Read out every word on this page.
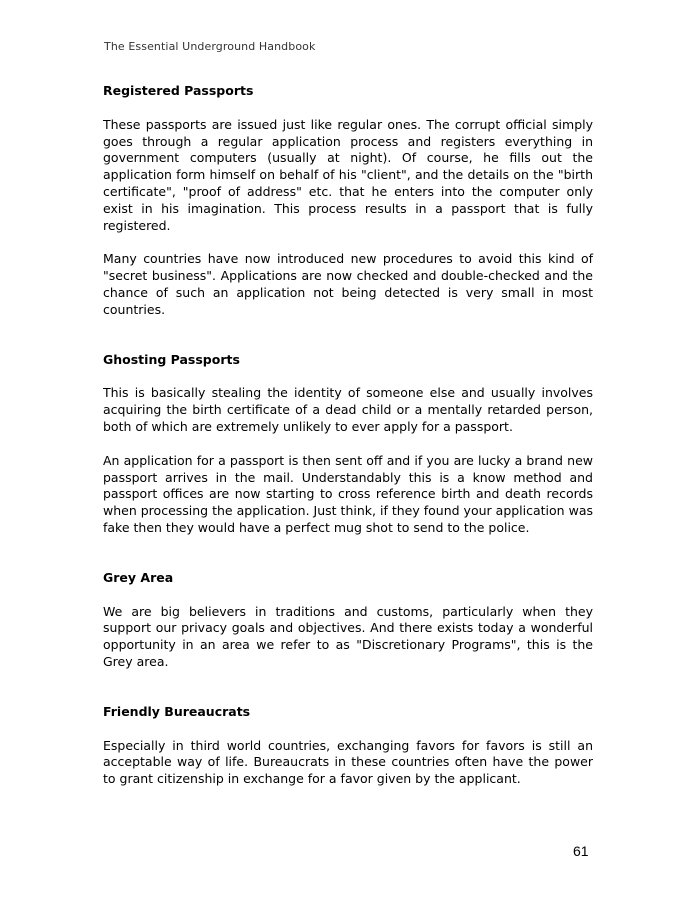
The Essential Underground Handbook

Registered Passports

These passports are issued just like regular ones. The corrupt official simply goes through a regular application process and registers everything in government computers (usually at night). Of course, he fills out the application form himself on behalf of his "client", and the details on the "birth certificate", "proof of address" etc. that he enters into the computer only exist in his imagination. This process results in a passport that is fully registered.

Many countries have now introduced new procedures to avoid this kind of "secret business". Applications are now checked and double-checked and the chance of such an application not being detected is very small in most countries.

Ghosting Passports

This is basically stealing the identity of someone else and usually involves acquiring the birth certificate of a dead child or a mentally retarded person, both of which are extremely unlikely to ever apply for a passport.

An application for a passport is then sent off and if you are lucky a brand new passport arrives in the mail. Understandably this is a know method and passport offices are now starting to cross reference birth and death records when processing the application. Just think, if they found your application was fake then they would have a perfect mug shot to send to the police.

Grey Area

We are big believers in traditions and customs, particularly when they support our privacy goals and objectives. And there exists today a wonderful opportunity in an area we refer to as "Discretionary Programs", this is the Grey area.

Friendly Bureaucrats

Especially in third world countries, exchanging favors for favors is still an acceptable way of life. Bureaucrats in these countries often have the power to grant citizenship in exchange for a favor given by the applicant.

61
